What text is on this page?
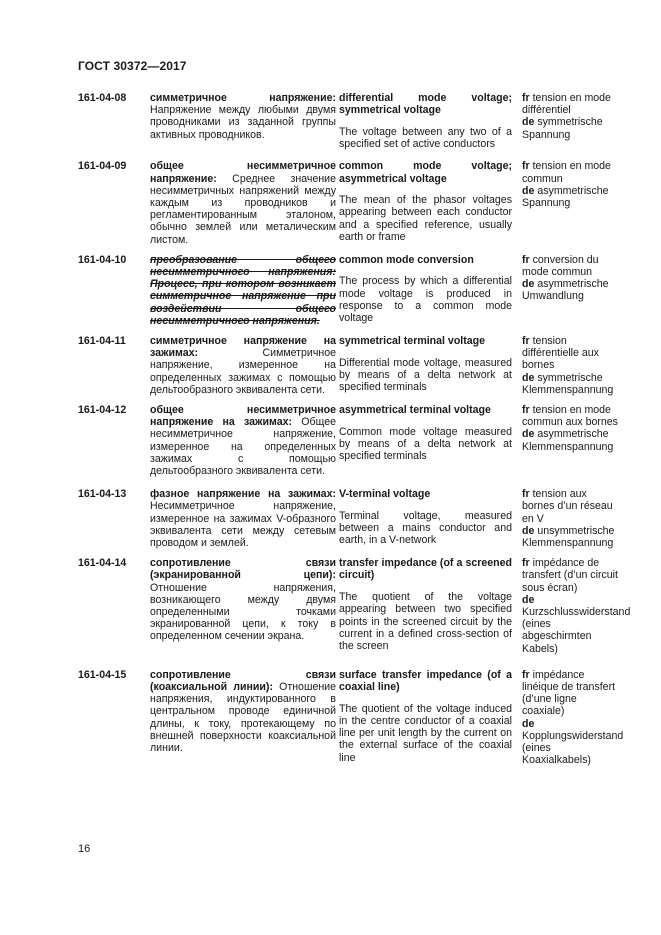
ГОСТ 30372—2017
161-04-08	симметричное напряжение: Напряжение между любыми двумя проводниками из заданной группы активных проводников.
differential mode voltage; symmetrical voltage
The voltage between any two of a specified set of active conductors
fr tension en mode différentiel
de symmetrische Spannung
161-04-09	общее несимметричное напряжение: Среднее значение несимметричных напряжений между каждым из проводников и регламентированным эталоном, обычно землей или металическим листом.
common mode voltage; asymmetrical voltage
The mean of the phasor voltages appearing between each conductor and a specified reference, usually earth or frame
fr tension en mode commun
de asymmetrische Spannung
161-04-10	преобразование общего несимметричного напряжения: Процесс, при котором возникает симметричное напряжение при воздействии общего несимметричного напряжения.
common mode conversion
The process by which a differential mode voltage is produced in response to a common mode voltage
fr conversion du mode commun
de asymmetrische Umwandlung
161-04-11	симметричное напряжение на зажимах: Симметричное напряжение, измеренное на определенных зажимах с помощью дельтообразного эквивалента сети.
symmetrical terminal voltage
Differential mode voltage, measured by means of a delta network at specified terminals
fr tension différentielle aux bornes
de symmetrische Klemmenspannung
161-04-12	общее несимметричное напряжение на зажимах: Общее несимметричное напряжение, измеренное на определенных зажимах с помощью дельтообразного эквивалента сети.
asymmetrical terminal voltage
Common mode voltage measured by means of a delta network at specified terminals
fr tension en mode commun aux bornes
de asymmetrische Klemmenspannung
161-04-13	фазное напряжение на зажимах: Несимметричное напряжение, измеренное на зажимах V-образного эквивалента сети между сетевым проводом и землей.
V-terminal voltage
Terminal voltage, measured between a mains conductor and earth, in a V-network
fr tension aux bornes d’un réseau en V
de unsymmetrische Klemmenspannung
161-04-14	сопротивление связи (экранированной цепи): Отношение напряжения, возникающего между двумя определенными точками экранированной цепи, к току в определенном сечении экрана.
transfer impedance (of a screened circuit)
The quotient of the voltage appearing between two specified points in the screened circuit by the current in a defined cross-section of the screen
fr impédance de transfert (d’un circuit sous écran)
de Kurzschlusswiderstand (eines abgeschirmten Kabels)
161-04-15	сопротивление связи (коаксиальной линии): Отношение напряжения, индуктированного в центральном проводе единичной длины, к току, протекающему по внешней поверхности коаксиальной линии.
surface transfer impedance (of a coaxial line)
The quotient of the voltage induced in the centre conductor of a coaxial line per unit length by the current on the external surface of the coaxial line
fr impédance linéique de transfert (d’une ligne coaxiale)
de Kopplungswiderstand (eines Koaxialkabels)
16
